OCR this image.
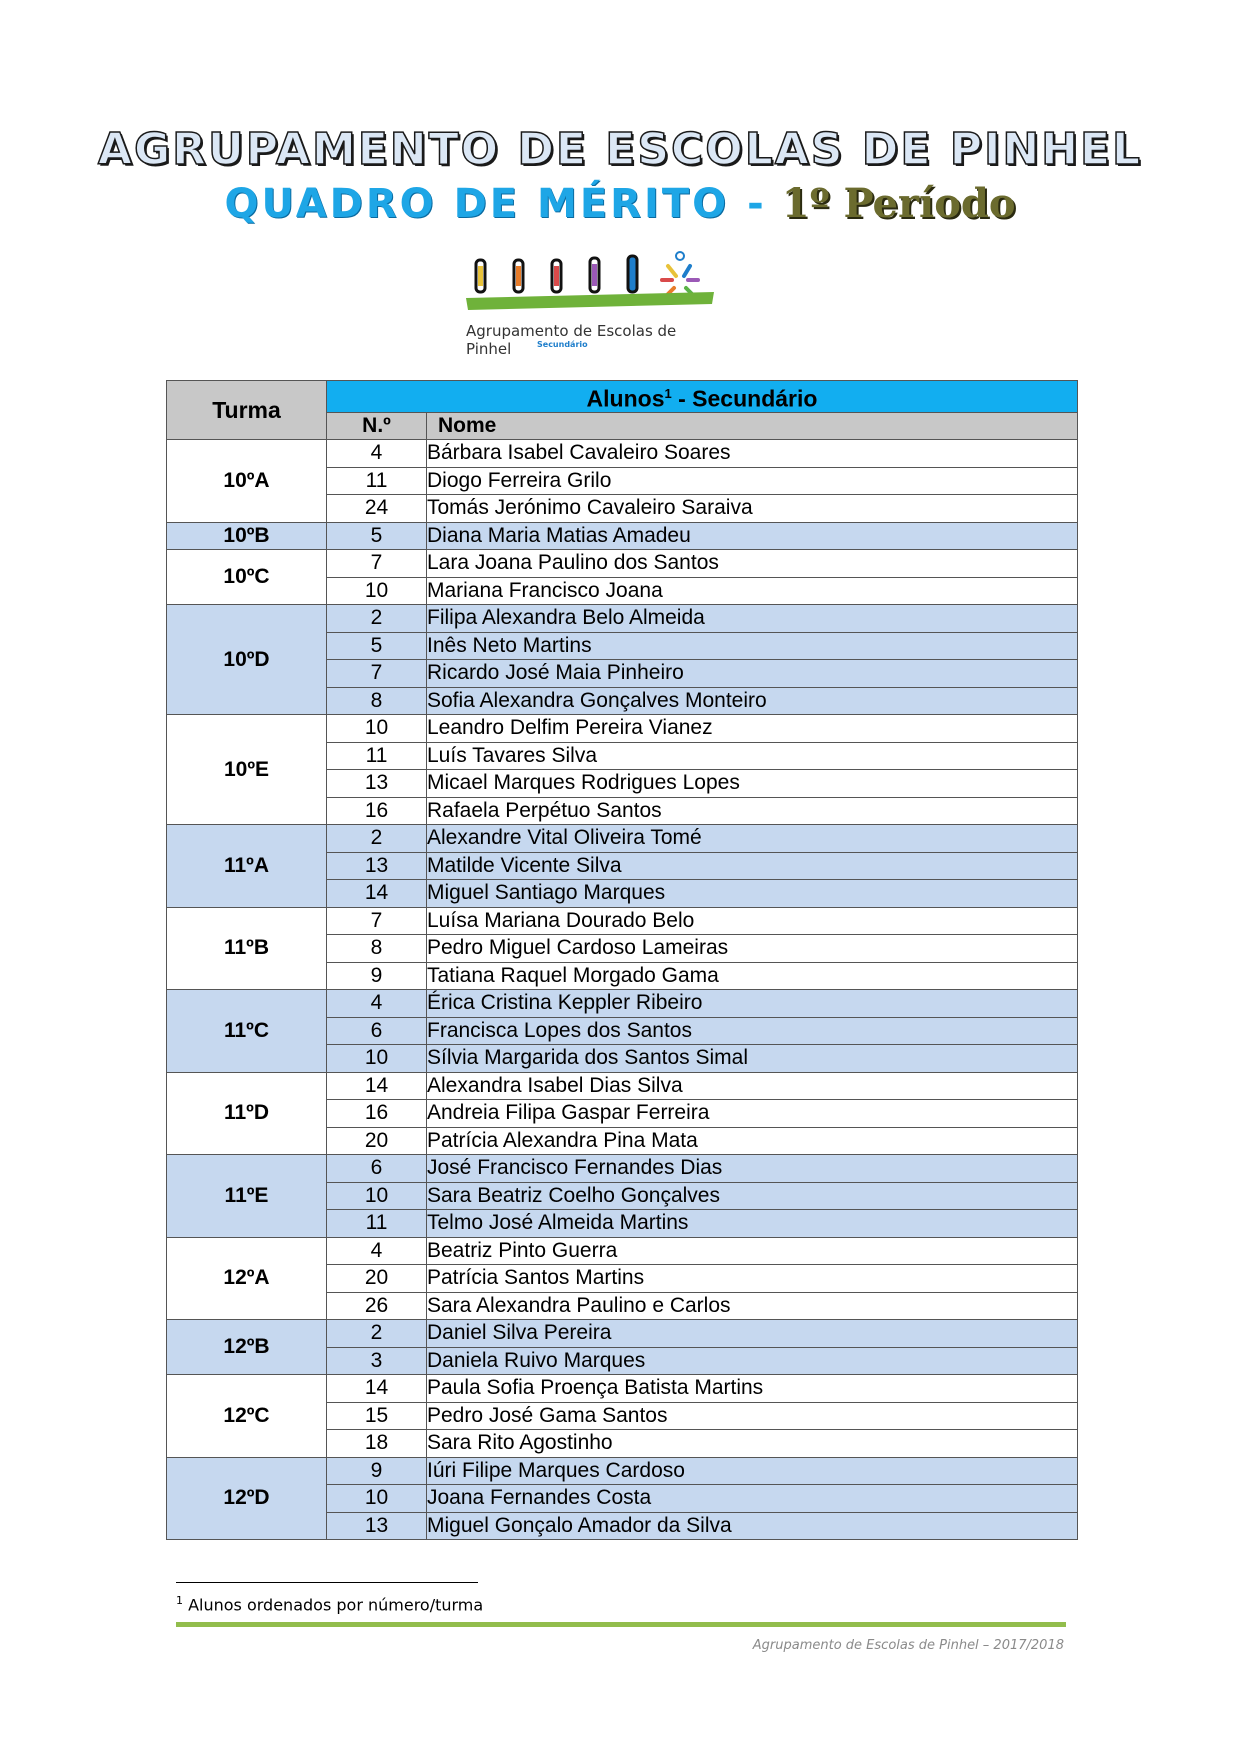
AGRUPAMENTO DE ESCOLAS DE PINHEL
QUADRO DE MÉRITO - 1º Período
Agrupamento de Escolas de Pinhel	Secundário
Turma	Alunos$^1$ - Secundário	
	N.º	Nome
10ºA	4	Bárbara Isabel Cavaleiro Soares
	11	Diogo Ferreira Grilo
	24	Tomás Jerónimo Cavaleiro Saraiva
10ºB	5	Diana Maria Matias Amadeu
10ºC	7	Lara Joana Paulino dos Santos
	10	Mariana Francisco Joana
10ºD	2	Filipa Alexandra Belo Almeida
	5	Inês Neto Martins
	7	Ricardo José Maia Pinheiro
	8	Sofia Alexandra Gonçalves Monteiro
10ºE	10	Leandro Delfim Pereira Vianez
	11	Luís Tavares Silva
	13	Micael Marques Rodrigues Lopes
	16	Rafaela Perpétuo Santos
11ºA	2	Alexandre Vital Oliveira Tomé
	13	Matilde Vicente Silva
	14	Miguel Santiago Marques
11ºB	7	Luísa Mariana Dourado Belo
	8	Pedro Miguel Cardoso Lameiras
	9	Tatiana Raquel Morgado Gama
11ºC	4	Érica Cristina Keppler Ribeiro
	6	Francisca Lopes dos Santos
	10	Sílvia Margarida dos Santos Simal
11ºD	14	Alexandra Isabel Dias Silva
	16	Andreia Filipa Gaspar Ferreira
	20	Patrícia Alexandra Pina Mata
11ºE	6	José Francisco Fernandes Dias
	10	Sara Beatriz Coelho Gonçalves
	11	Telmo José Almeida Martins
12ºA	4	Beatriz Pinto Guerra
	20	Patrícia Santos Martins
	26	Sara Alexandra Paulino e Carlos
12ºB	2	Daniel Silva Pereira
	3	Daniela Ruivo Marques
12ºC	14	Paula Sofia Proença Batista Martins
	15	Pedro José Gama Santos
	18	Sara Rito Agostinho
12ºD	9	Iúri Filipe Marques Cardoso
	10	Joana Fernandes Costa
	13	Miguel Gonçalo Amador da Silva
$^1$ Alunos ordenados por número/turma
Agrupamento de Escolas de Pinhel – 2017/2018
